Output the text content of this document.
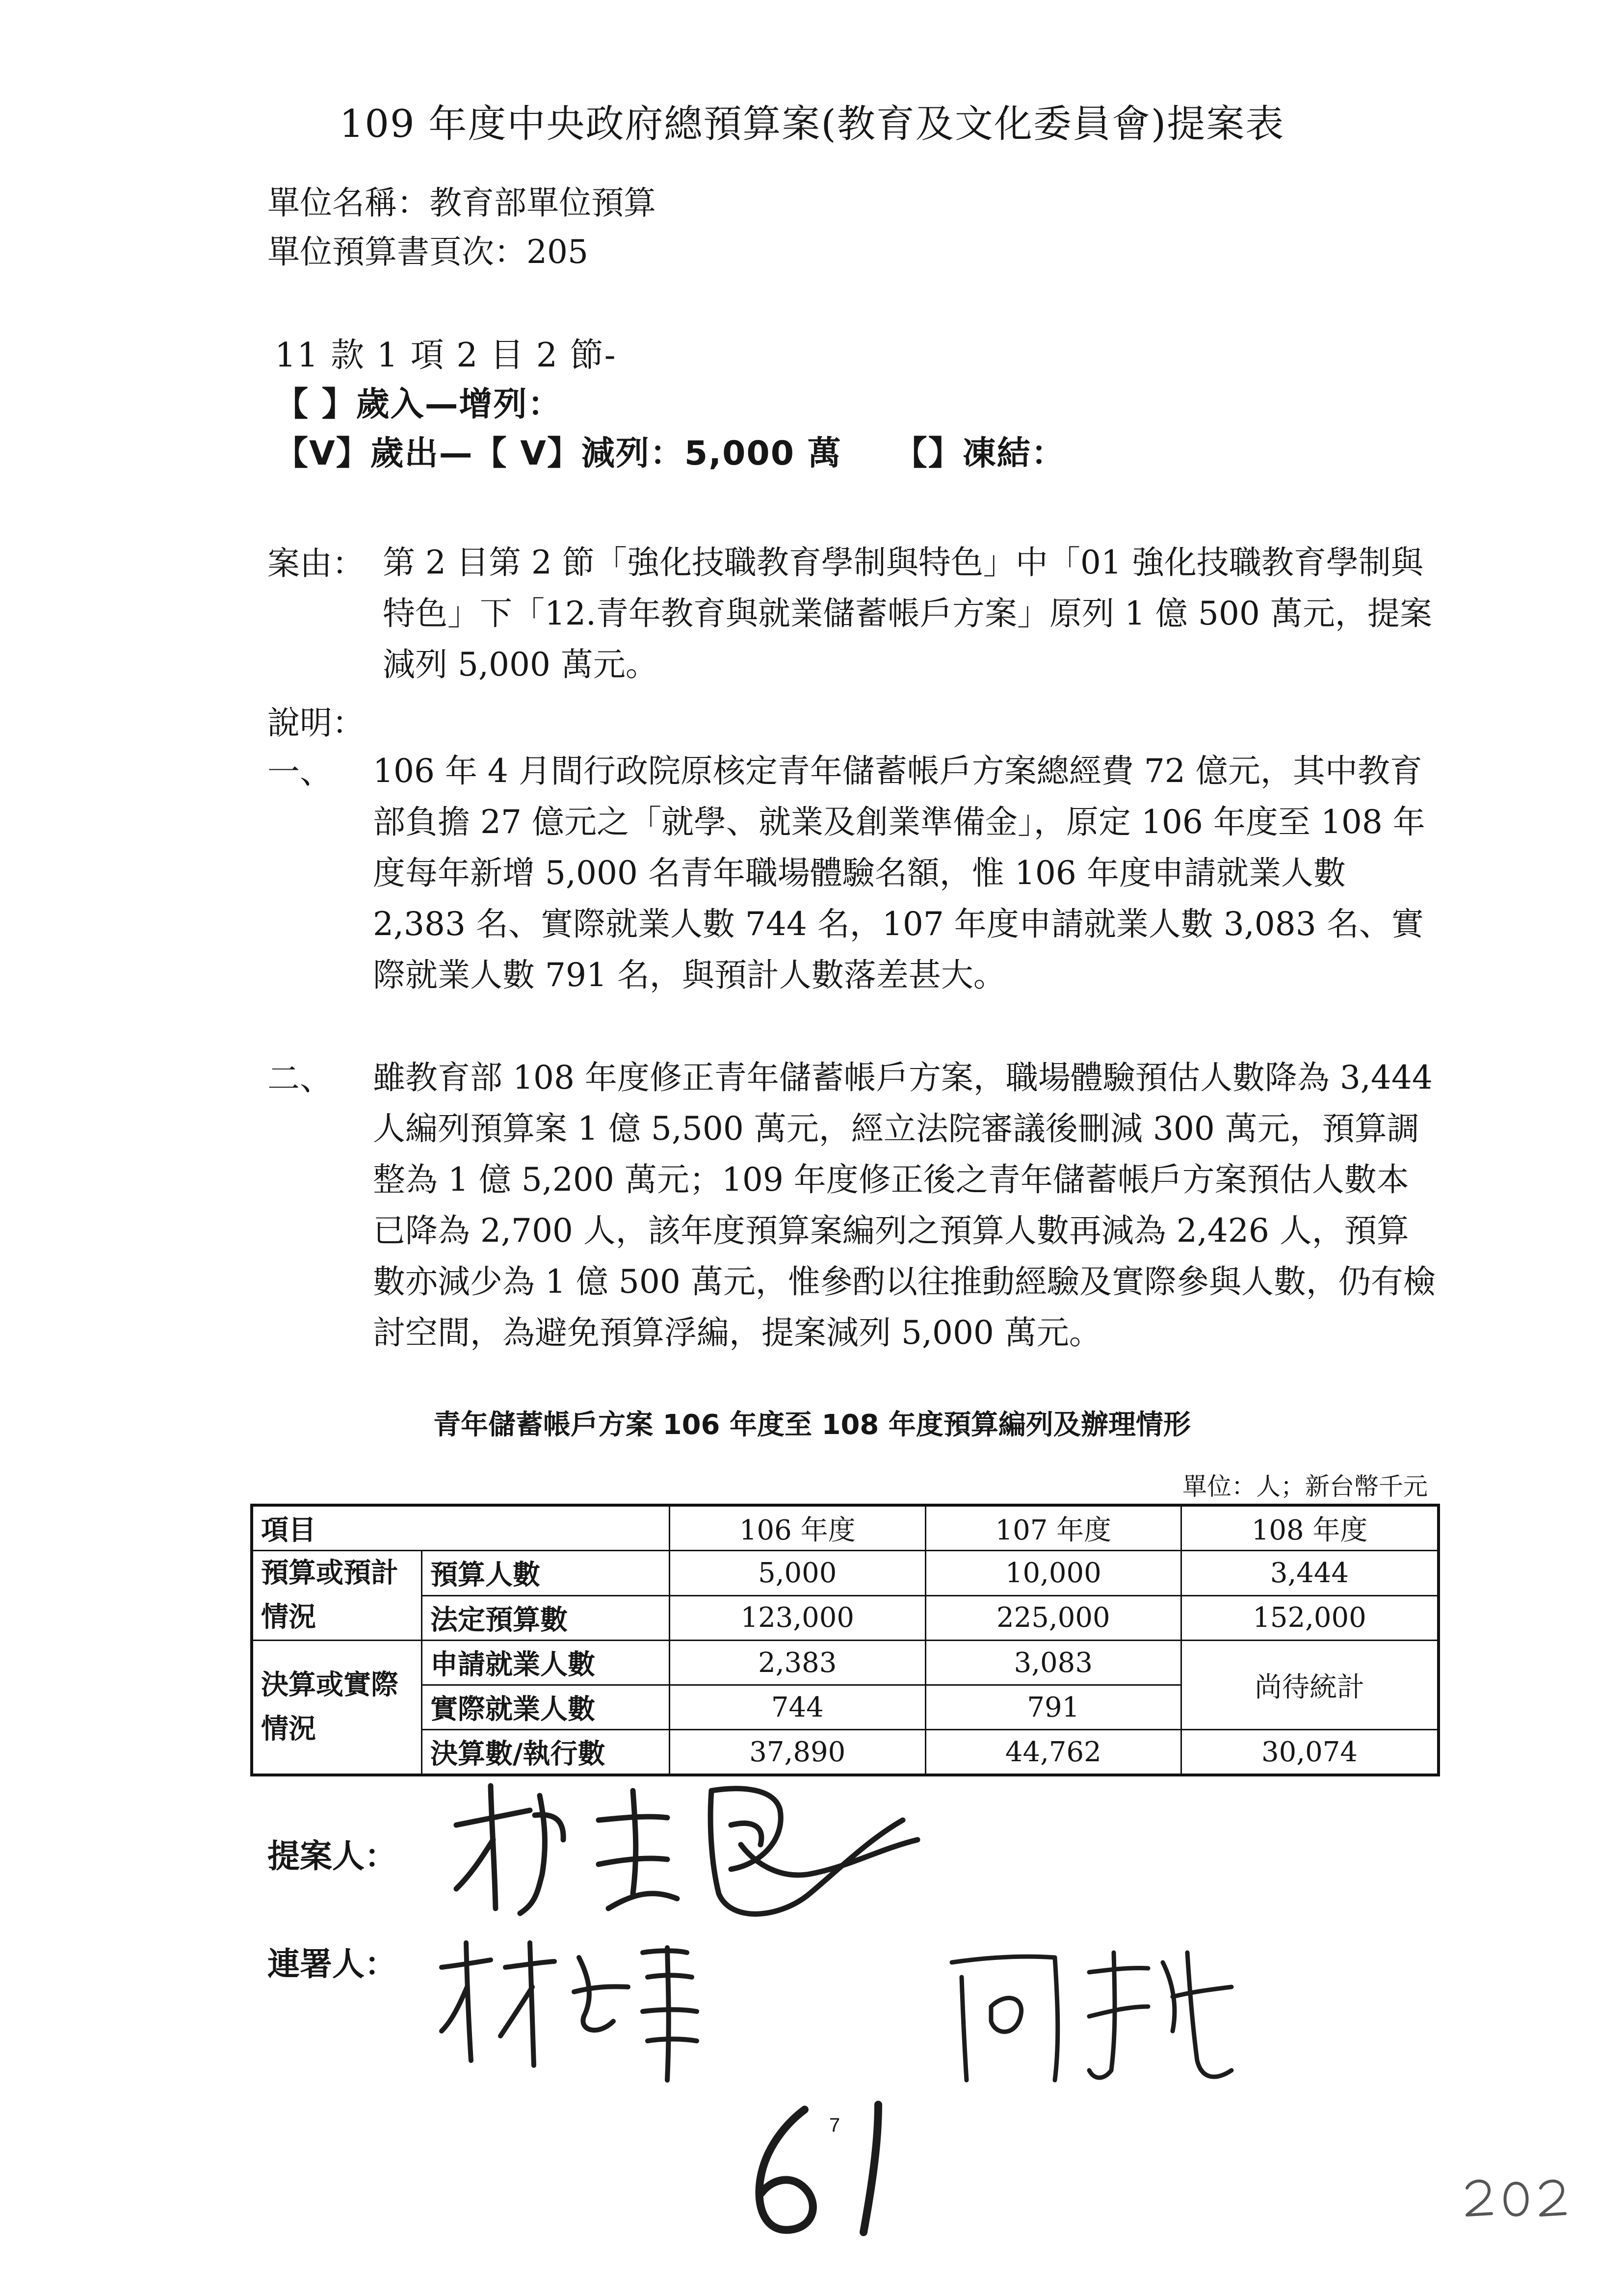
109 年度中央政府總預算案(教育及文化委員會)提案表
單位名稱：教育部單位預算
單位預算書頁次：205
11 款 1 項 2 目 2 節-
【 】歲入—增列：
【V】歲出—【 V】減列：5,000 萬　　【】凍結：
案由： 第 2 目第 2 節「強化技職教育學制與特色」中「01 強化技職教育學制與特色」下「12.青年教育與就業儲蓄帳戶方案」原列 1 億 500 萬元，提案減列 5,000 萬元。
說明：
一、 106 年 4 月間行政院原核定青年儲蓄帳戶方案總經費 72 億元，其中教育部負擔 27 億元之「就學、就業及創業準備金」，原定 106 年度至 108 年度每年新增 5,000 名青年職場體驗名額，惟 106 年度申請就業人數 2,383 名、實際就業人數 744 名，107 年度申請就業人數 3,083 名、實際就業人數 791 名，與預計人數落差甚大。
二、 雖教育部 108 年度修正青年儲蓄帳戶方案，職場體驗預估人數降為 3,444 人編列預算案 1 億 5,500 萬元，經立法院審議後刪減 300 萬元，預算調整為 1 億 5,200 萬元；109 年度修正後之青年儲蓄帳戶方案預估人數本已降為 2,700 人，該年度預算案編列之預算人數再減為 2,426 人，預算數亦減少為 1 億 500 萬元，惟參酌以往推動經驗及實際參與人數，仍有檢討空間，為避免預算浮編，提案減列 5,000 萬元。
青年儲蓄帳戶方案 106 年度至 108 年度預算編列及辦理情形
單位：人；新台幣千元
項目		106 年度	107 年度	108 年度
預算或預計情況	預算人數	5,000	10,000	3,444
	法定預算數	123,000	225,000	152,000
決算或實際情況	申請就業人數	2,383	3,083	尚待統計
	實際就業人數	744	791	
	決算數/執行數	37,890	44,762	30,074
提案人：
連署人：
7
